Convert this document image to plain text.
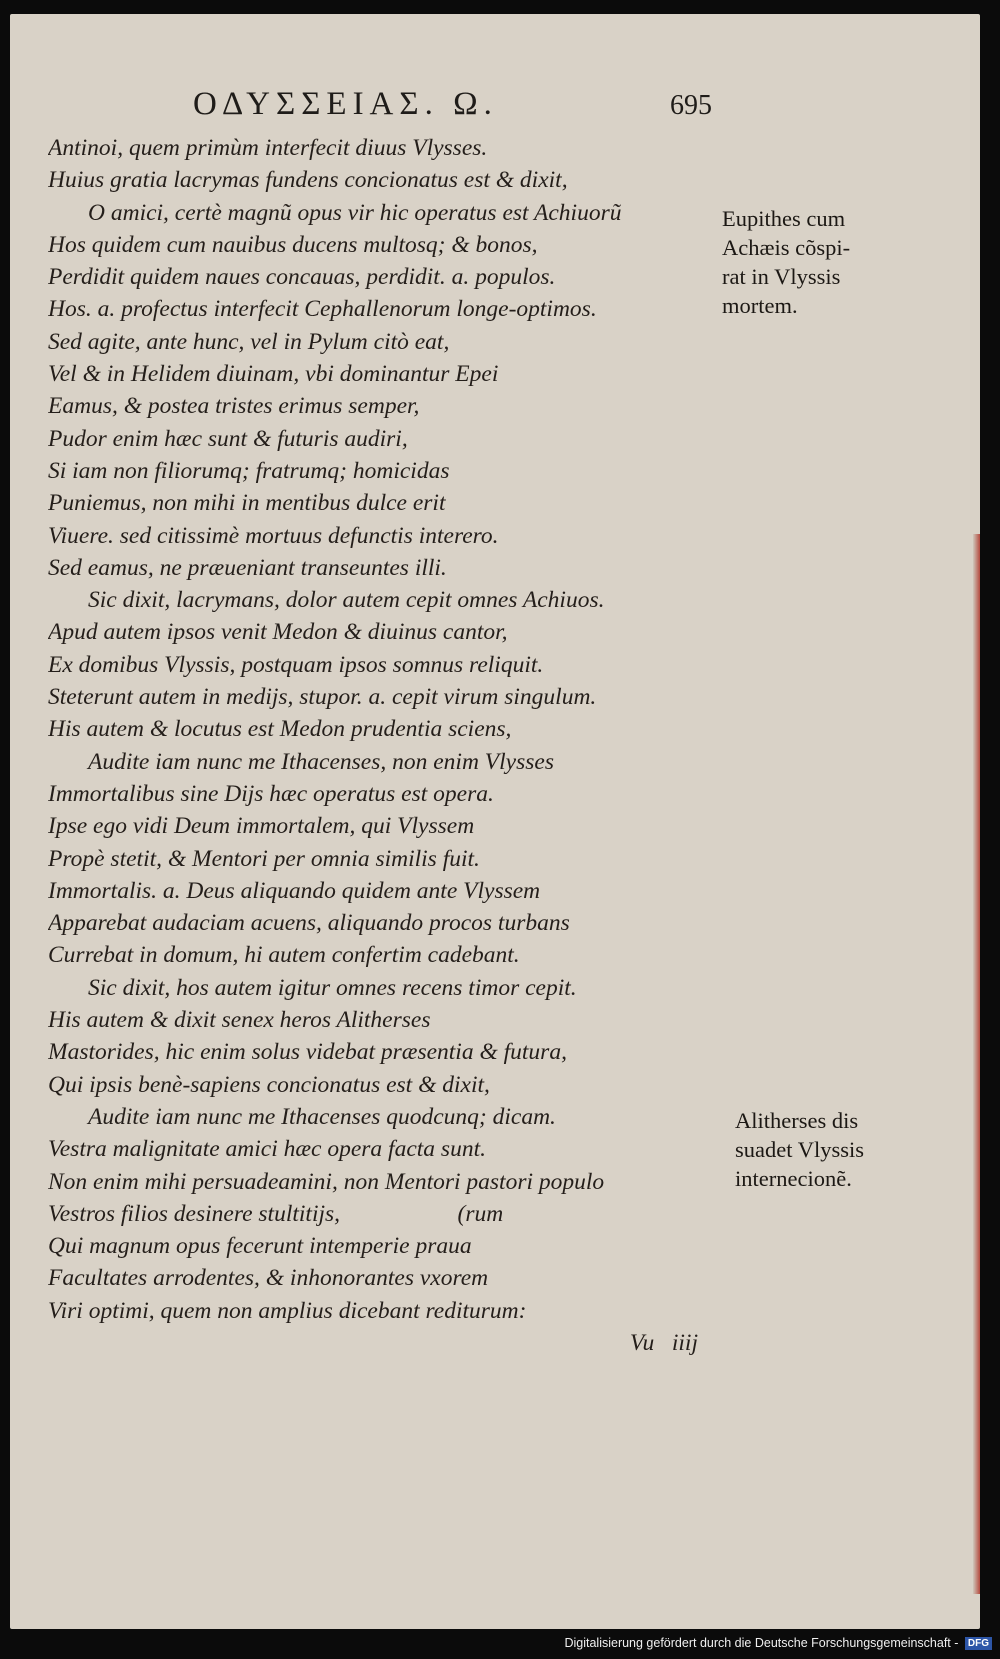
ΟΔΥΣΣΕΙΑΣ. Ω.	695
Antinoi, quem primùm interfecit diuus Vlysses.
Huius gratia lacrymas fundens concionatus est & dixit,
O amici, certè magnũ opus vir hic operatus est Achiuorũ
Hos quidem cum nauibus ducens multosq; & bonos,
Perdidit quidem naues concauas, perdidit. a. populos.
Hos. a. profectus interfecit Cephallenorum longe-optimos.
Sed agite, ante hunc, vel in Pylum citò eat,
Vel & in Helidem diuinam, vbi dominantur Epei
Eamus, & postea tristes erimus semper,
Pudor enim hæc sunt & futuris audiri,
Si iam non filiorumq; fratrumq; homicidas
Puniemus, non mihi in mentibus dulce erit
Viuere. sed citissimè mortuus defunctis interero.
Sed eamus, ne præueniant transeuntes illi.
Sic dixit, lacrymans, dolor autem cepit omnes Achiuos.
Apud autem ipsos venit Medon & diuinus cantor,
Ex domibus Vlyssis, postquam ipsos somnus reliquit.
Steterunt autem in medijs, stupor. a. cepit virum singulum.
His autem & locutus est Medon prudentia sciens,
Audite iam nunc me Ithacenses, non enim Vlysses
Immortalibus sine Dijs hæc operatus est opera.
Ipse ego vidi Deum immortalem, qui Vlyssem
Propè stetit, & Mentori per omnia similis fuit.
Immortalis. a. Deus aliquando quidem ante Vlyssem
Apparebat audaciam acuens, aliquando procos turbans
Currebat in domum, hi autem confertim cadebant.
Sic dixit, hos autem igitur omnes recens timor cepit.
His autem & dixit senex heros Alitherses
Mastorides, hic enim solus videbat præsentia & futura,
Qui ipsis benè-sapiens concionatus est & dixit,
Audite iam nunc me Ithacenses quodcunq; dicam.
Vestra malignitate amici hæc opera facta sunt.
Non enim mihi persuadeamini, non Mentori pastori populo
Vestros filios desinere stultitijs,                    (rum
Qui magnum opus fecerunt intemperie praua
Facultates arrodentes, & inhonorantes vxorem
Viri optimi, quem non amplius dicebant rediturum:
Vu   iiij
Eupithes cum
Achæis cõspi-
rat in Vlyssis
mortem.
Alitherses dis
suadet Vlyssis
internecionẽ.
Digitalisierung gefördert durch die Deutsche Forschungsgemeinschaft - DFG
